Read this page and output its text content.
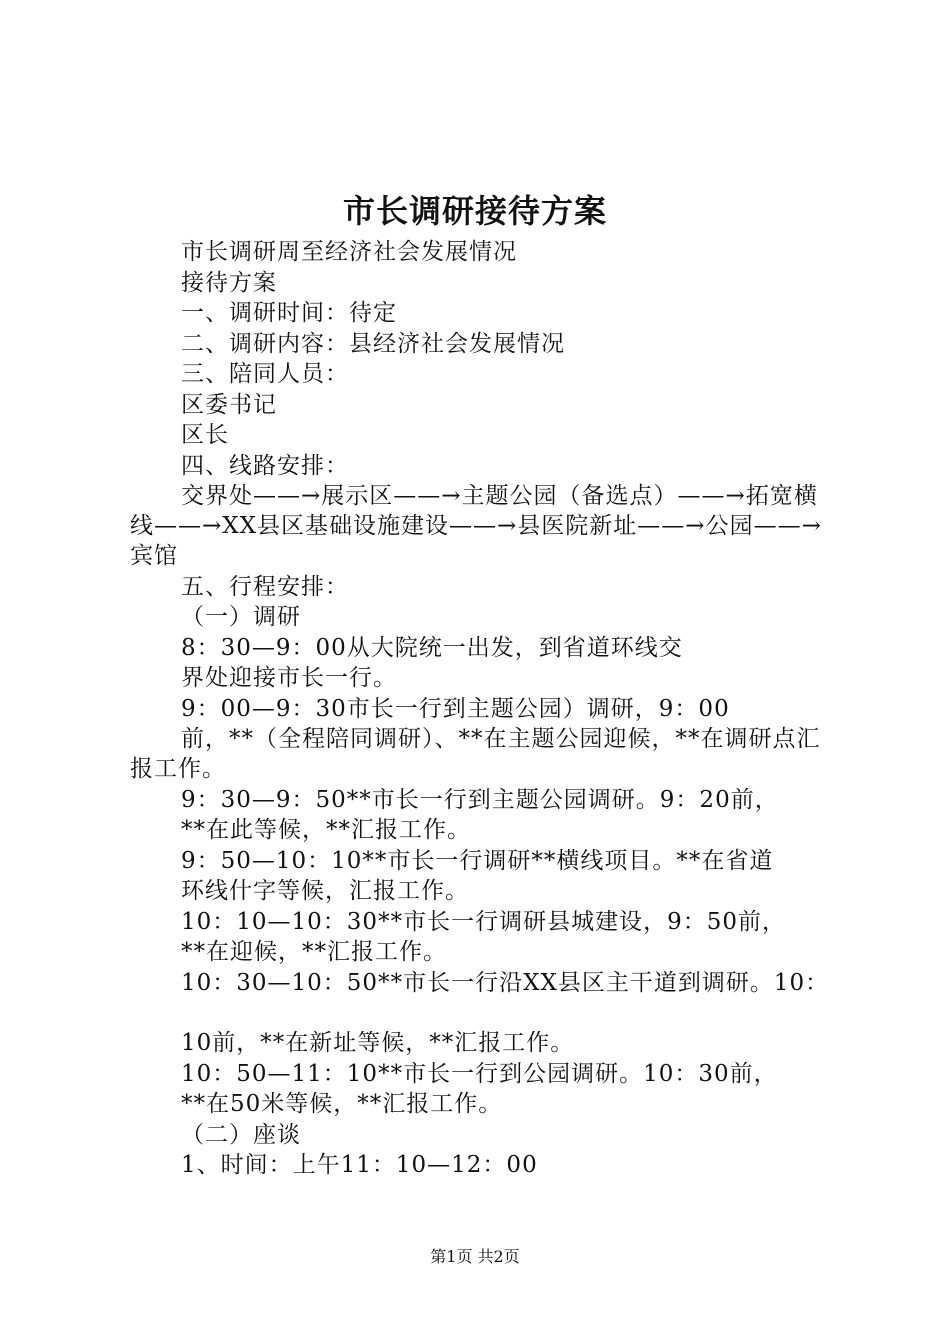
市长调研接待方案
市长调研周至经济社会发展情况
接待方案
一、调研时间：待定
二、调研内容：县经济社会发展情况
三、陪同人员：
区委书记
区长
四、线路安排：
交界处——→展示区——→主题公园（备选点）——→拓宽横线——→XX县区基础设施建设——→县医院新址——→公园——→宾馆
五、行程安排：
（一）调研
8：30—9：00从大院统一出发，到省道环线交
界处迎接市长一行。
9：00—9：30市长一行到主题公园）调研，9：00
前，**（全程陪同调研）、**在主题公园迎候，**在调研点汇报工作。
9：30—9：50**市长一行到主题公园调研。9：20前，
**在此等候，**汇报工作。
9：50—10：10**市长一行调研**横线项目。**在省道
环线什字等候，汇报工作。
10：10—10：30**市长一行调研县城建设，9：50前，
**在迎候，**汇报工作。
10：30—10：50**市长一行沿XX县区主干道到调研。10：
10前，**在新址等候，**汇报工作。
10：50—11：10**市长一行到公园调研。10：30前，
**在50米等候，**汇报工作。
（二）座谈
1、时间：上午11：10—12：00
第1页 共2页
